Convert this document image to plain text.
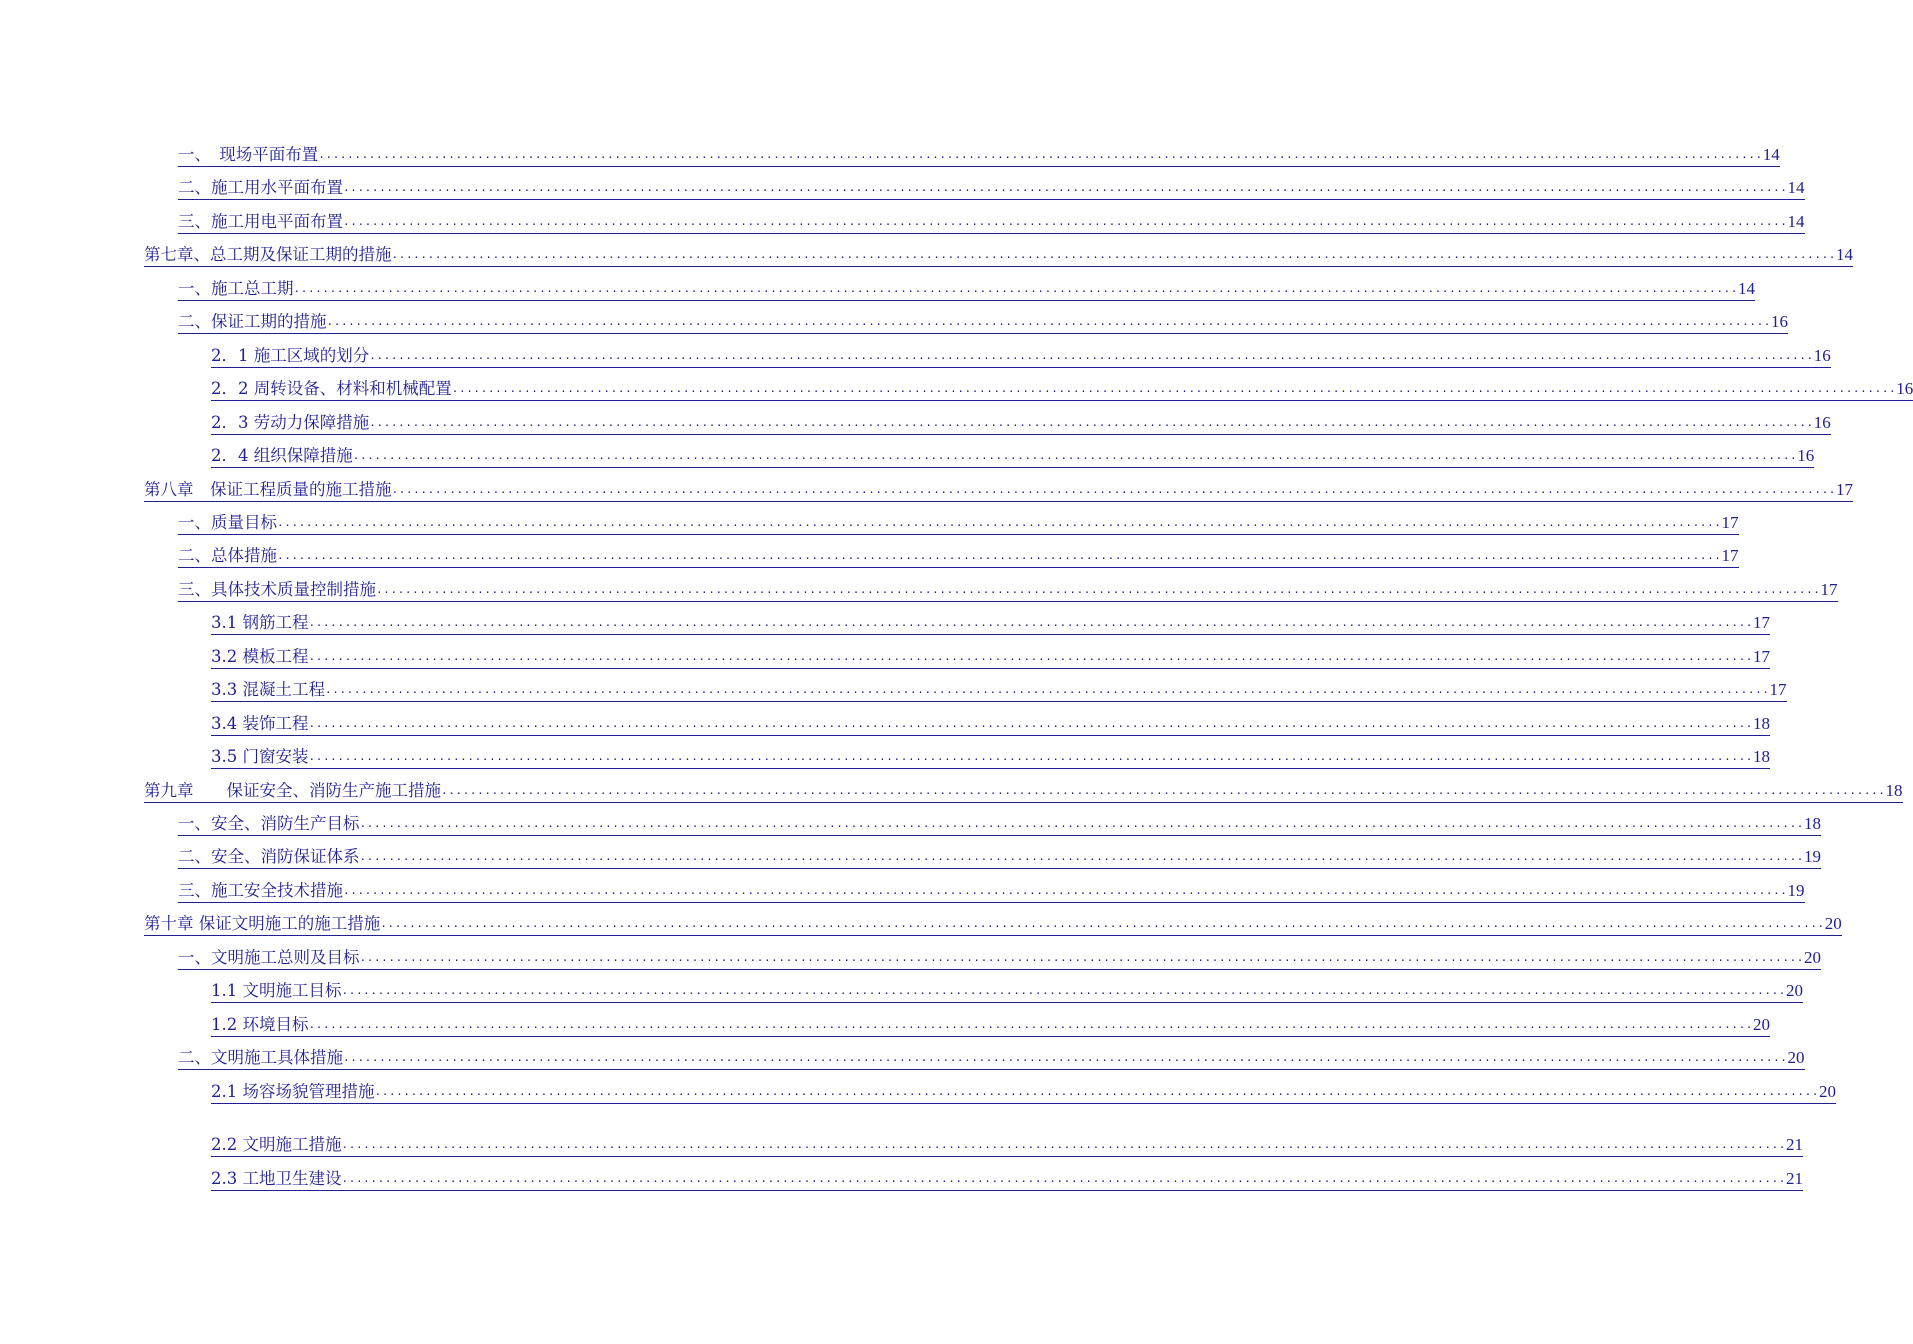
一、　现场平面布置 ........................................................................................................................................................................................................ 14
二、施工用水平面布置 ........................................................................................................................................................................................................ 14
三、施工用电平面布置 ........................................................................................................................................................................................................ 14
第七章、总工期及保证工期的措施 ........................................................................................................................................................................................................ 14
一、施工总工期 ........................................................................................................................................................................................................ 14
二、保证工期的措施 ........................................................................................................................................................................................................ 16
2．1 施工区域的划分 ........................................................................................................................................................................................................ 16
2．2 周转设备、材料和机械配置 ........................................................................................................................................................................................................ 16
2．3 劳动力保障措施 ........................................................................................................................................................................................................ 16
2．4 组织保障措施 ........................................................................................................................................................................................................ 16
第八章　保证工程质量的施工措施 ........................................................................................................................................................................................................ 17
一、质量目标 ........................................................................................................................................................................................................ 17
二、总体措施 ........................................................................................................................................................................................................ 17
三、具体技术质量控制措施 ........................................................................................................................................................................................................ 17
3.1 钢筋工程 ........................................................................................................................................................................................................ 17
3.2 模板工程 ........................................................................................................................................................................................................ 17
3.3 混凝土工程 ........................................................................................................................................................................................................ 17
3.4 装饰工程 ........................................................................................................................................................................................................ 18
3.5 门窗安装 ........................................................................................................................................................................................................ 18
第九章　　保证安全、消防生产施工措施 ........................................................................................................................................................................................................ 18
一、安全、消防生产目标 ........................................................................................................................................................................................................ 18
二、安全、消防保证体系 ........................................................................................................................................................................................................ 19
三、施工安全技术措施 ........................................................................................................................................................................................................ 19
第十章 保证文明施工的施工措施 ........................................................................................................................................................................................................ 20
一、文明施工总则及目标 ........................................................................................................................................................................................................ 20
1.1 文明施工目标 ........................................................................................................................................................................................................ 20
1.2 环境目标 ........................................................................................................................................................................................................ 20
二、文明施工具体措施 ........................................................................................................................................................................................................ 20
2.1 场容场貌管理措施 ........................................................................................................................................................................................................ 20
2.2 文明施工措施 ........................................................................................................................................................................................................ 21
2.3 工地卫生建设 ........................................................................................................................................................................................................ 21
